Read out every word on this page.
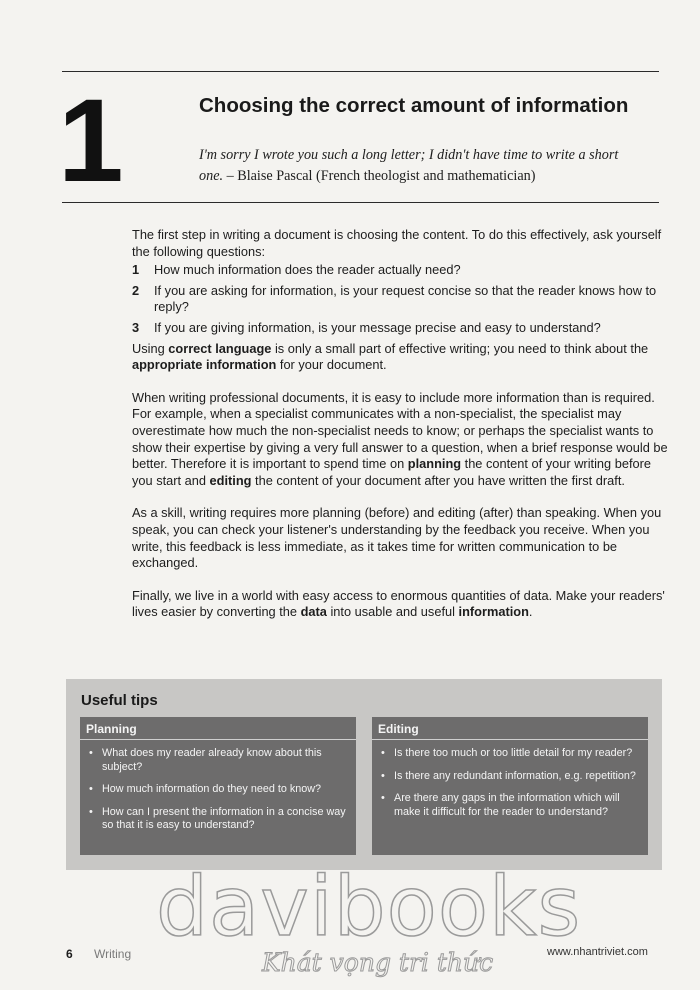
1	Choosing the correct amount of information
I'm sorry I wrote you such a long letter; I didn't have time to write a short one. – Blaise Pascal (French theologist and mathematician)

The first step in writing a document is choosing the content. To do this effectively, ask yourself the following questions:

1 How much information does the reader actually need?
2 If you are asking for information, is your request concise so that the reader knows how to reply?
3 If you are giving information, is your message precise and easy to understand?

Using correct language is only a small part of effective writing; you need to think about the appropriate information for your document.

When writing professional documents, it is easy to include more information than is required. For example, when a specialist communicates with a non-specialist, the specialist may overestimate how much the non-specialist needs to know; or perhaps the specialist wants to show their expertise by giving a very full answer to a question, when a brief response would be better. Therefore it is important to spend time on planning the content of your writing before you start and editing the content of your document after you have written the first draft.

As a skill, writing requires more planning (before) and editing (after) than speaking. When you speak, you can check your listener's understanding by the feedback you receive. When you write, this feedback is less immediate, as it takes time for written communication to be exchanged.

Finally, we live in a world with easy access to enormous quantities of data. Make your readers' lives easier by converting the data into usable and useful information.

Useful tips
Planning
• What does my reader already know about this subject?
• How much information do they need to know?
• How can I present the information in a concise way so that it is easy to understand?
Editing
• Is there too much or too little detail for my reader?
• Is there any redundant information, e.g. repetition?
• Are there any gaps in the information which will make it difficult for the reader to understand?
davibooks
Khát vọng tri thức
6 Writing	www.nhantriviet.com
